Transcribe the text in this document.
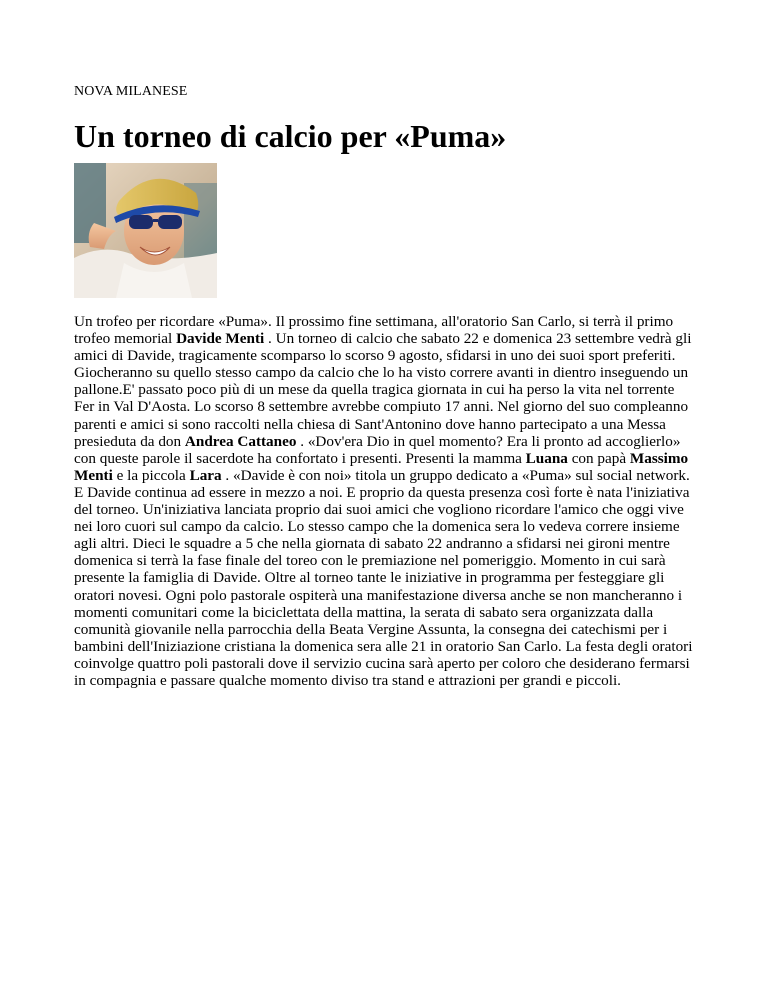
NOVA MILANESE

Un torneo di calcio per «Puma»

Un trofeo per ricordare «Puma». Il prossimo fine settimana, all'oratorio San Carlo, si terrà il primo trofeo memorial Davide Menti . Un torneo di calcio che sabato 22 e domenica 23 settembre vedrà gli amici di Davide, tragicamente scomparso lo scorso 9 agosto, sfidarsi in uno dei suoi sport preferiti. Giocheranno su quello stesso campo da calcio che lo ha visto correre avanti in dientro inseguendo un pallone.E' passato poco più di un mese da quella tragica giornata in cui ha perso la vita nel torrente Fer in Val D'Aosta. Lo scorso 8 settembre avrebbe compiuto 17 anni. Nel giorno del suo compleanno parenti e amici si sono raccolti nella chiesa di Sant'Antonino dove hanno partecipato a una Messa presieduta da don Andrea Cattaneo . «Dov'era Dio in quel momento? Era li pronto ad accoglierlo» con queste parole il sacerdote ha confortato i presenti. Presenti la mamma Luana con papà Massimo Menti e la piccola Lara . «Davide è con noi» titola un gruppo dedicato a «Puma» sul social network. E Davide continua ad essere in mezzo a noi. E proprio da questa presenza così forte è nata l'iniziativa del torneo. Un'iniziativa lanciata proprio dai suoi amici che vogliono ricordare l'amico che oggi vive nei loro cuori sul campo da calcio. Lo stesso campo che la domenica sera lo vedeva correre insieme agli altri. Dieci le squadre a 5 che nella giornata di sabato 22 andranno a sfidarsi nei gironi mentre domenica si terrà la fase finale del toreo con le premiazione nel pomeriggio. Momento in cui sarà presente la famiglia di Davide. Oltre al torneo tante le iniziative in programma per festeggiare gli oratori novesi. Ogni polo pastorale ospiterà una manifestazione diversa anche se non mancheranno i momenti comunitari come la biciclettata della mattina, la serata di sabato sera organizzata dalla comunità giovanile nella parrocchia della Beata Vergine Assunta, la consegna dei catechismi per i bambini dell'Iniziazione cristiana la domenica sera alle 21 in oratorio San Carlo. La festa degli oratori coinvolge quattro poli pastorali dove il servizio cucina sarà aperto per coloro che desiderano fermarsi in compagnia e passare qualche momento diviso tra stand e attrazioni per grandi e piccoli.
